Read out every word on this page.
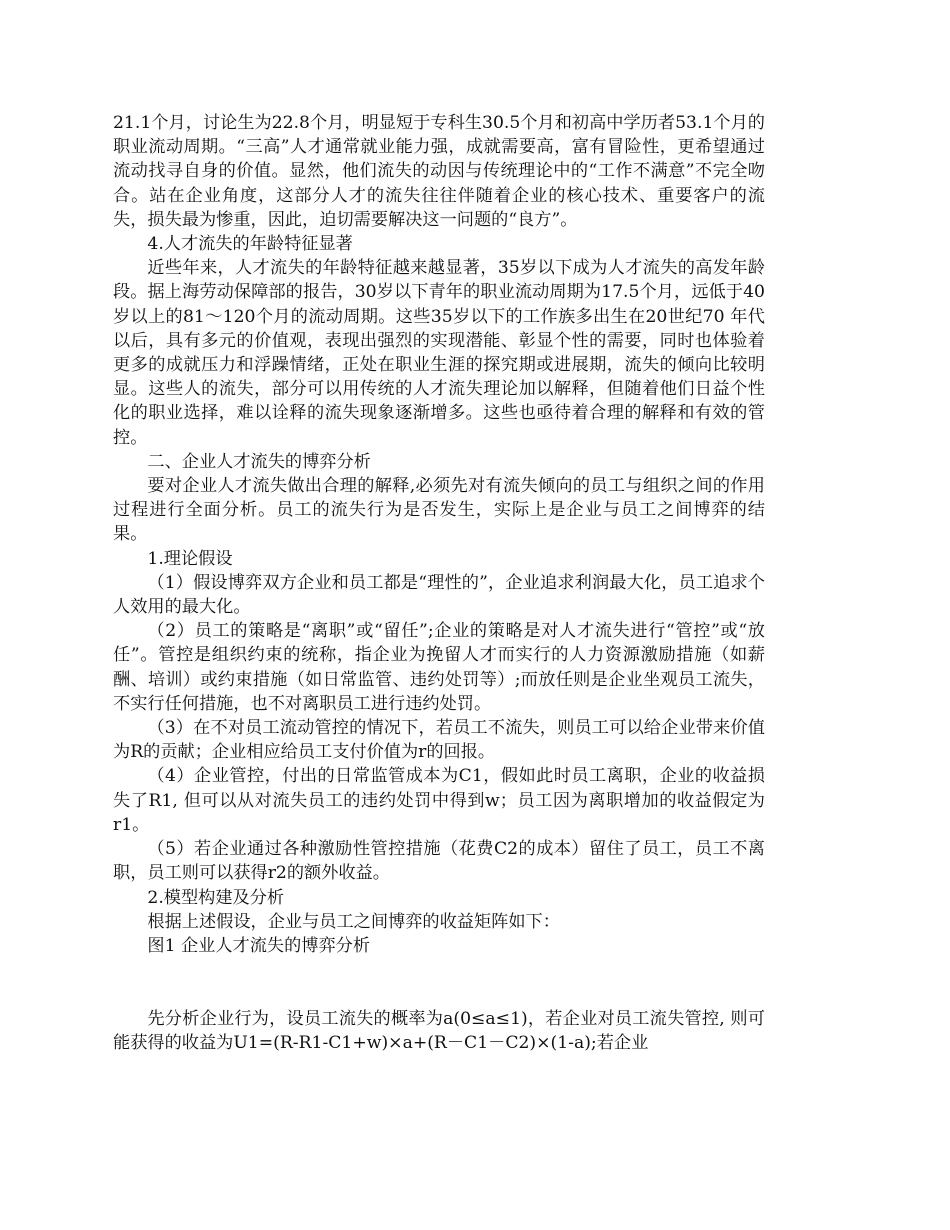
21.1个月，讨论生为22.8个月，明显短于专科生30.5个月和初高中学历者53.1个月的职业流动周期。“三高”人才通常就业能力强，成就需要高，富有冒险性，更希望通过流动找寻自身的价值。显然，他们流失的动因与传统理论中的“工作不满意”不完全吻合。站在企业角度，这部分人才的流失往往伴随着企业的核心技术、重要客户的流失，损失最为惨重，因此，迫切需要解决这一问题的“良方”。

4.人才流失的年龄特征显著

近些年来，人才流失的年龄特征越来越显著，35岁以下成为人才流失的高发年龄段。据上海劳动保障部的报告，30岁以下青年的职业流动周期为17.5个月，远低于40岁以上的81～120个月的流动周期。这些35岁以下的工作族多出生在20世纪70 年代以后，具有多元的价值观，表现出强烈的实现潜能、彰显个性的需要，同时也体验着更多的成就压力和浮躁情绪，正处在职业生涯的探究期或进展期，流失的倾向比较明显。这些人的流失，部分可以用传统的人才流失理论加以解释，但随着他们日益个性化的职业选择，难以诠释的流失现象逐渐增多。这些也亟待着合理的解释和有效的管控。

二、企业人才流失的博弈分析

要对企业人才流失做出合理的解释,必须先对有流失倾向的员工与组织之间的作用过程进行全面分析。员工的流失行为是否发生，实际上是企业与员工之间博弈的结果。

1.理论假设

（1）假设博弈双方企业和员工都是“理性的”，企业追求利润最大化，员工追求个人效用的最大化。

（2）员工的策略是“离职”或“留任”;企业的策略是对人才流失进行“管控”或“放任”。管控是组织约束的统称，指企业为挽留人才而实行的人力资源激励措施（如薪酬、培训）或约束措施（如日常监管、违约处罚等）;而放任则是企业坐观员工流失，不实行任何措施，也不对离职员工进行违约处罚。

（3）在不对员工流动管控的情况下，若员工不流失，则员工可以给企业带来价值为R的贡献；企业相应给员工支付价值为r的回报。

（4）企业管控，付出的日常监管成本为C1，假如此时员工离职，企业的收益损失了R1, 但可以从对流失员工的违约处罚中得到w；员工因为离职增加的收益假定为r1。

（5）若企业通过各种激励性管控措施（花费C2的成本）留住了员工，员工不离职，员工则可以获得r2的额外收益。

2.模型构建及分析

根据上述假设，企业与员工之间博弈的收益矩阵如下：

图1 企业人才流失的博弈分析

先分析企业行为，设员工流失的概率为a(0≤a≤1)，若企业对员工流失管控, 则可能获得的收益为U1=(R-R1-C1+w)×a+(R－C1－C2)×(1-a);若企业
